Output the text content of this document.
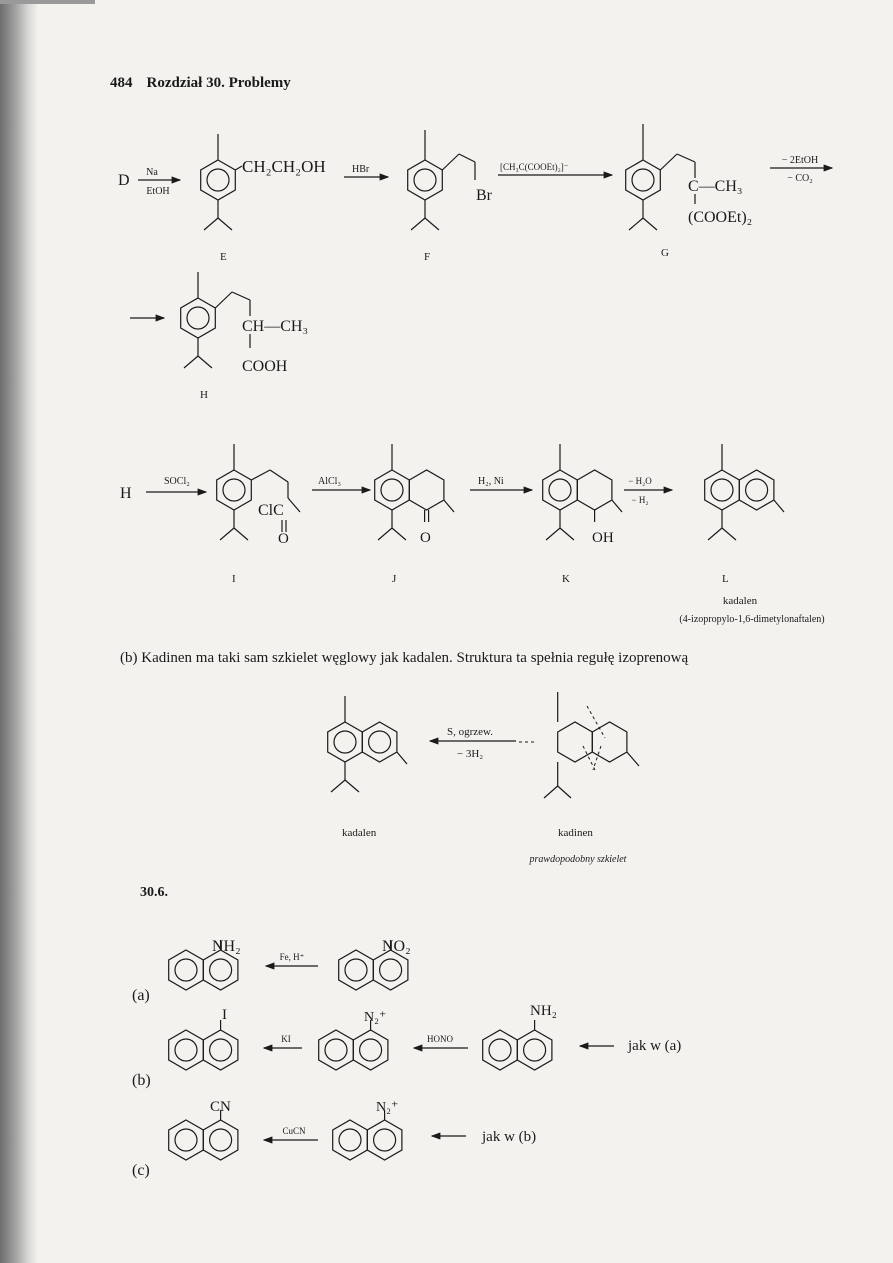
484 Rozdział 30. Problemy
(b) Kadinen ma taki sam szkielet węglowy jak kadalen. Struktura ta spełnia regułę izoprenową
30.6.
D Na
EtOH
CH₂CH₂OH	HBr
E
Br
[CH₃C(COOEt)₂]⁻
F
C—CH₃
(COOEt)₂
− 2EtOH
− CO₂
G
CH—CH₃
COOH
H
H
SOCl₂
ClC
O
I
AlCl₃
O
J
H₂, Ni
OH
K
− H₂O
− H₂
L
kadalen
(4-izopropylo-1,6-dimetylonaftalen)
S, ogrzew.
− 3H₂
kadalen	kadinen
prawdopodobny szkielet
(a)
NH₂
Fe, H⁺
NO₂
(b)
I
KI
N₂⁺
HONO
NH₂
jak w (a)
(c)
CN
CuCN
N₂⁺
jak w (b)
